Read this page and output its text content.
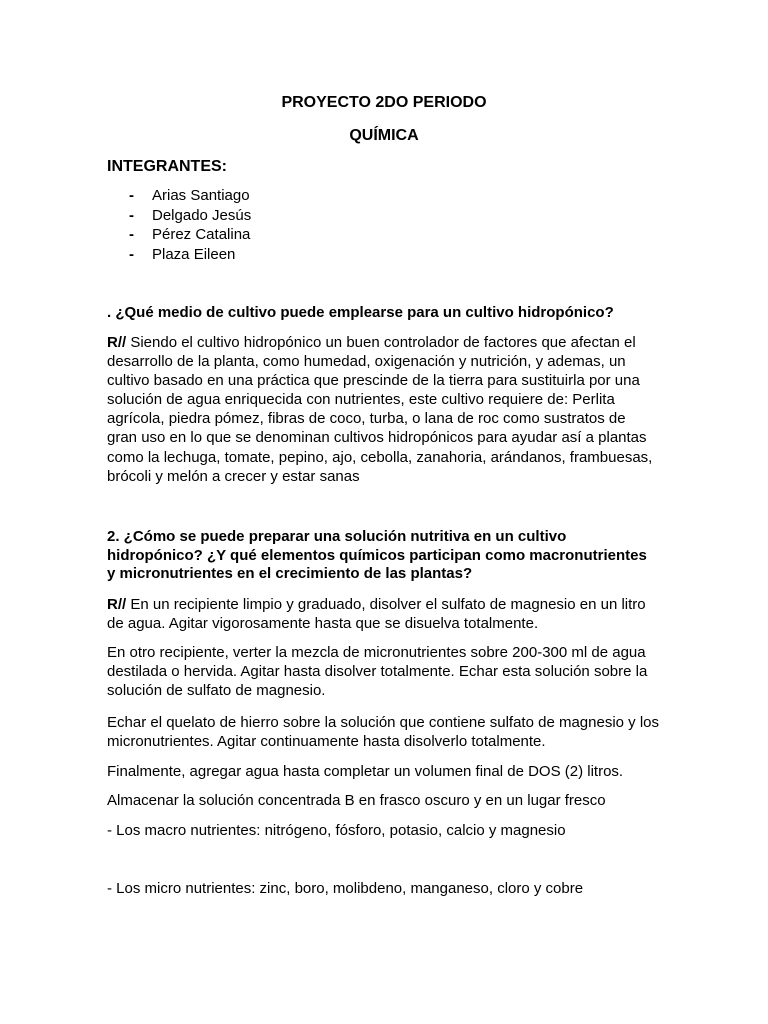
PROYECTO 2DO PERIODO
QUÍMICA
INTEGRANTES:
- Arias Santiago
- Delgado Jesús
- Pérez Catalina
- Plaza Eileen
. ¿Qué medio de cultivo puede emplearse para un cultivo hidropónico?
R// Siendo el cultivo hidropónico un buen controlador de factores que afectan el
desarrollo de la planta, como humedad, oxigenación y nutrición, y ademas, un
cultivo basado en una práctica que prescinde de la tierra para sustituirla por una
solución de agua enriquecida con nutrientes, este cultivo requiere de: Perlita
agrícola, piedra pómez, fibras de coco, turba, o lana de roc como sustratos de
gran uso en lo que se denominan cultivos hidropónicos para ayudar así a plantas
como la lechuga, tomate, pepino, ajo, cebolla, zanahoria, arándanos, frambuesas,
brócoli y melón a crecer y estar sanas
2. ¿Cómo se puede preparar una solución nutritiva en un cultivo
hidropónico? ¿Y qué elementos químicos participan como macronutrientes
y micronutrientes en el crecimiento de las plantas?
R// En un recipiente limpio y graduado, disolver el sulfato de magnesio en un litro
de agua. Agitar vigorosamente hasta que se disuelva totalmente.
En otro recipiente, verter la mezcla de micronutrientes sobre 200-300 ml de agua
destilada o hervida. Agitar hasta disolver totalmente. Echar esta solución sobre la
solución de sulfato de magnesio.
Echar el quelato de hierro sobre la solución que contiene sulfato de magnesio y los
micronutrientes. Agitar continuamente hasta disolverlo totalmente.
Finalmente, agregar agua hasta completar un volumen final de DOS (2) litros.
Almacenar la solución concentrada B en frasco oscuro y en un lugar fresco
- Los macro nutrientes: nitrógeno, fósforo, potasio, calcio y magnesio
- Los micro nutrientes: zinc, boro, molibdeno, manganeso, cloro y cobre
